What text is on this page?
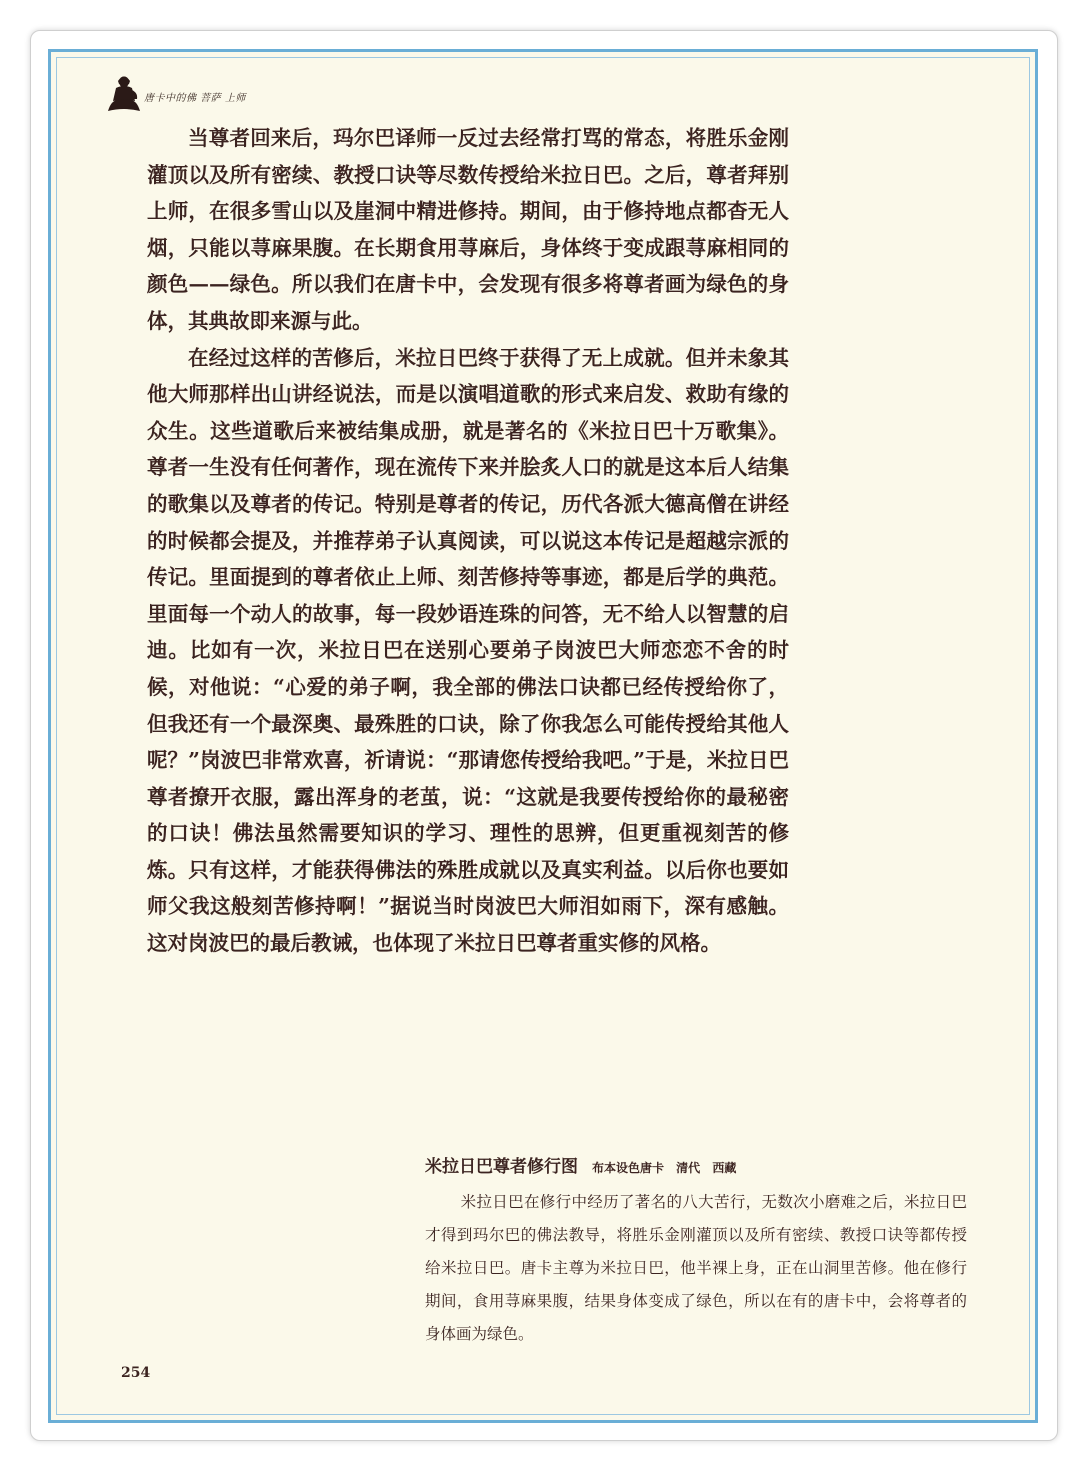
唐卡中的佛 菩萨 上师

当尊者回来后，玛尔巴译师一反过去经常打骂的常态，将胜乐金刚灌顶以及所有密续、教授口诀等尽数传授给米拉日巴。之后，尊者拜别上师，在很多雪山以及崖洞中精进修持。期间，由于修持地点都杳无人烟，只能以荨麻果腹。在长期食用荨麻后，身体终于变成跟荨麻相同的颜色——绿色。所以我们在唐卡中，会发现有很多将尊者画为绿色的身体，其典故即来源与此。

在经过这样的苦修后，米拉日巴终于获得了无上成就。但并未象其他大师那样出山讲经说法，而是以演唱道歌的形式来启发、救助有缘的众生。这些道歌后来被结集成册，就是著名的《米拉日巴十万歌集》。尊者一生没有任何著作，现在流传下来并脍炙人口的就是这本后人结集的歌集以及尊者的传记。特别是尊者的传记，历代各派大德高僧在讲经的时候都会提及，并推荐弟子认真阅读，可以说这本传记是超越宗派的传记。里面提到的尊者依止上师、刻苦修持等事迹，都是后学的典范。里面每一个动人的故事，每一段妙语连珠的问答，无不给人以智慧的启迪。比如有一次，米拉日巴在送别心要弟子岗波巴大师恋恋不舍的时候，对他说：“心爱的弟子啊，我全部的佛法口诀都已经传授给你了，但我还有一个最深奥、最殊胜的口诀，除了你我怎么可能传授给其他人呢？”岗波巴非常欢喜，祈请说：“那请您传授给我吧。”于是，米拉日巴尊者撩开衣服，露出浑身的老茧，说：“这就是我要传授给你的最秘密的口诀！佛法虽然需要知识的学习、理性的思辨，但更重视刻苦的修炼。只有这样，才能获得佛法的殊胜成就以及真实利益。以后你也要如师父我这般刻苦修持啊！”据说当时岗波巴大师泪如雨下，深有感触。这对岗波巴的最后教诫，也体现了米拉日巴尊者重实修的风格。

米拉日巴尊者修行图 布本设色唐卡 清代 西藏

米拉日巴在修行中经历了著名的八大苦行，无数次小磨难之后，米拉日巴才得到玛尔巴的佛法教导，将胜乐金刚灌顶以及所有密续、教授口诀等都传授给米拉日巴。唐卡主尊为米拉日巴，他半裸上身，正在山洞里苦修。他在修行期间，食用荨麻果腹，结果身体变成了绿色，所以在有的唐卡中，会将尊者的身体画为绿色。

254
